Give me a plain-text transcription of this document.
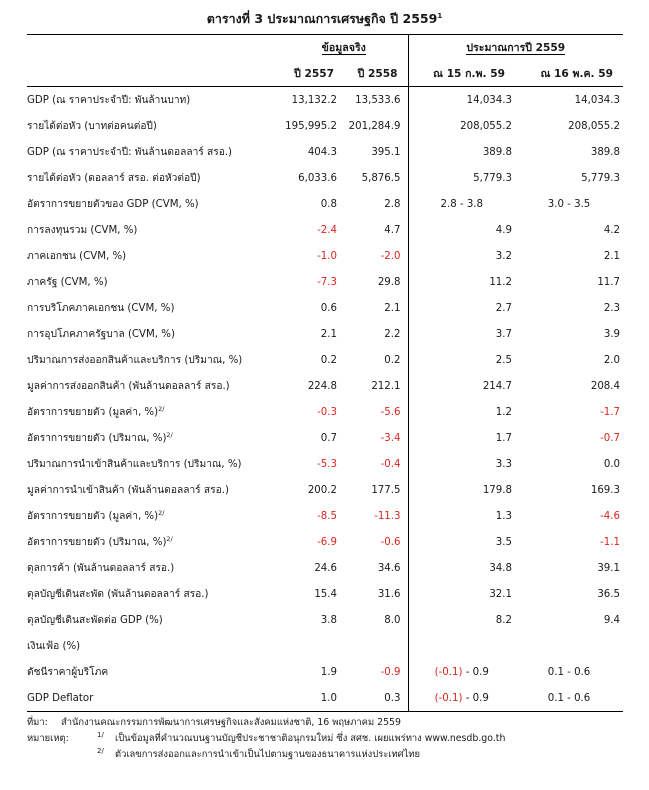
ตารางที่ 3 ประมาณการเศรษฐกิจ ปี 2559$^1$
	ข้อมูลจริง		ประมาณการปี 2559	
	ปี 2557	ปี 2558	ณ 15 ก.พ. 59	ณ 16 พ.ค. 59
GDP (ณ ราคาประจำปี: พันล้านบาท)	13,132.2	13,533.6	14,034.3	14,034.3
รายได้ต่อหัว (บาทต่อคนต่อปี)	195,995.2	201,284.9	208,055.2	208,055.2
GDP (ณ ราคาประจำปี: พันล้านดอลลาร์ สรอ.)	404.3	395.1	389.8	389.8
รายได้ต่อหัว (ดอลลาร์ สรอ. ต่อหัวต่อปี)	6,033.6	5,876.5	5,779.3	5,779.3
อัตราการขยายตัวของ GDP (CVM, %)	0.8	2.8	2.8 - 3.8	3.0 - 3.5
การลงทุนรวม (CVM, %)	-2.4	4.7	4.9	4.2
ภาคเอกชน (CVM, %)	-1.0	-2.0	3.2	2.1
ภาครัฐ (CVM, %)	-7.3	29.8	11.2	11.7
การบริโภคภาคเอกชน (CVM, %)	0.6	2.1	2.7	2.3
การอุปโภคภาครัฐบาล (CVM, %)	2.1	2.2	3.7	3.9
ปริมาณการส่งออกสินค้าและบริการ (ปริมาณ, %)	0.2	0.2	2.5	2.0
มูลค่าการส่งออกสินค้า (พันล้านดอลลาร์ สรอ.)	224.8	212.1	214.7	208.4
อัตราการขยายตัว (มูลค่า, %)$^{2/}$	-0.3	-5.6	1.2	-1.7
อัตราการขยายตัว (ปริมาณ, %)$^{2/}$	0.7	-3.4	1.7	-0.7
ปริมาณการนำเข้าสินค้าและบริการ (ปริมาณ, %)	-5.3	-0.4	3.3	0.0
มูลค่าการนำเข้าสินค้า (พันล้านดอลลาร์ สรอ.)	200.2	177.5	179.8	169.3
อัตราการขยายตัว (มูลค่า, %)$^{2/}$	-8.5	-11.3	1.3	-4.6
อัตราการขยายตัว (ปริมาณ, %)$^{2/}$	-6.9	-0.6	3.5	-1.1
ดุลการค้า (พันล้านดอลลาร์ สรอ.)	24.6	34.6	34.8	39.1
ดุลบัญชีเดินสะพัด (พันล้านดอลลาร์ สรอ.)	15.4	31.6	32.1	36.5
ดุลบัญชีเดินสะพัดต่อ GDP (%)	3.8	8.0	8.2	9.4
เงินเฟ้อ (%)				
ดัชนีราคาผู้บริโภค	1.9	-0.9	(-0.1) - 0.9	0.1 - 0.6
GDP Deflator	1.0	0.3	(-0.1) - 0.9	0.1 - 0.6
ที่มา: สำนักงานคณะกรรมการพัฒนาการเศรษฐกิจและสังคมแห่งชาติ, 16 พฤษภาคม 2559
หมายเหตุ:	1/ เป็นข้อมูลที่คำนวณบนฐานบัญชีประชาชาติอนุกรมใหม่ ซึ่ง สศช. เผยแพร่ทาง www.nesdb.go.th
2/ ตัวเลขการส่งออกและการนำเข้าเป็นไปตามฐานของธนาคารแห่งประเทศไทย
